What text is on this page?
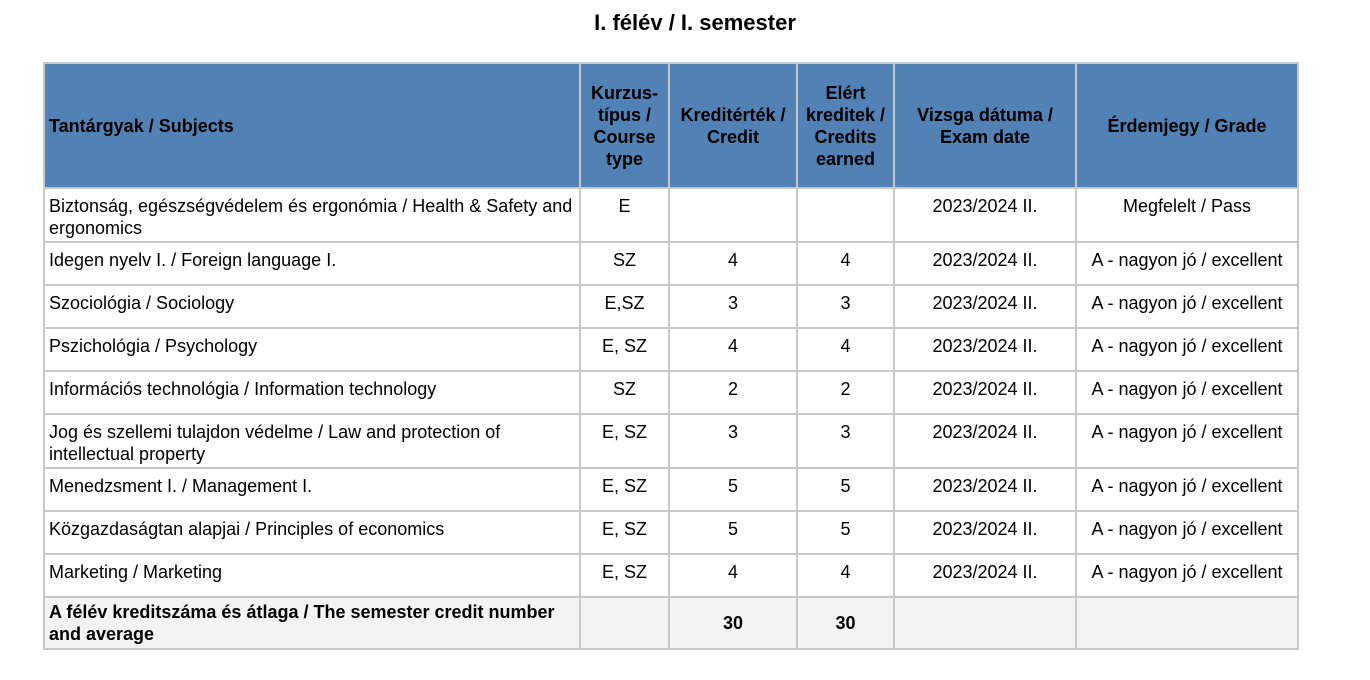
I. félév / I. semester
Tantárgyak / Subjects	Kurzus-típus / Course type	Kreditérték / Credit	Elért kreditek / Credits earned	Vizsga dátuma / Exam date	Érdemjegy / Grade
Biztonság, egészségvédelem és ergonómia / Health & Safety and ergonomics	E			2023/2024 II.	Megfelelt / Pass
Idegen nyelv I. / Foreign language I.	SZ	4	4	2023/2024 II.	A - nagyon jó / excellent
Szociológia / Sociology	E,SZ	3	3	2023/2024 II.	A - nagyon jó / excellent
Pszichológia / Psychology	E, SZ	4	4	2023/2024 II.	A - nagyon jó / excellent
Információs technológia / Information technology	SZ	2	2	2023/2024 II.	A - nagyon jó / excellent
Jog és szellemi tulajdon védelme / Law and protection of intellectual property	E, SZ	3	3	2023/2024 II.	A - nagyon jó / excellent
Menedzsment I. / Management I.	E, SZ	5	5	2023/2024 II.	A - nagyon jó / excellent
Közgazdaságtan alapjai / Principles of economics	E, SZ	5	5	2023/2024 II.	A - nagyon jó / excellent
Marketing / Marketing	E, SZ	4	4	2023/2024 II.	A - nagyon jó / excellent
A félév kreditszáma és átlaga / The semester credit number and average		30	30		
